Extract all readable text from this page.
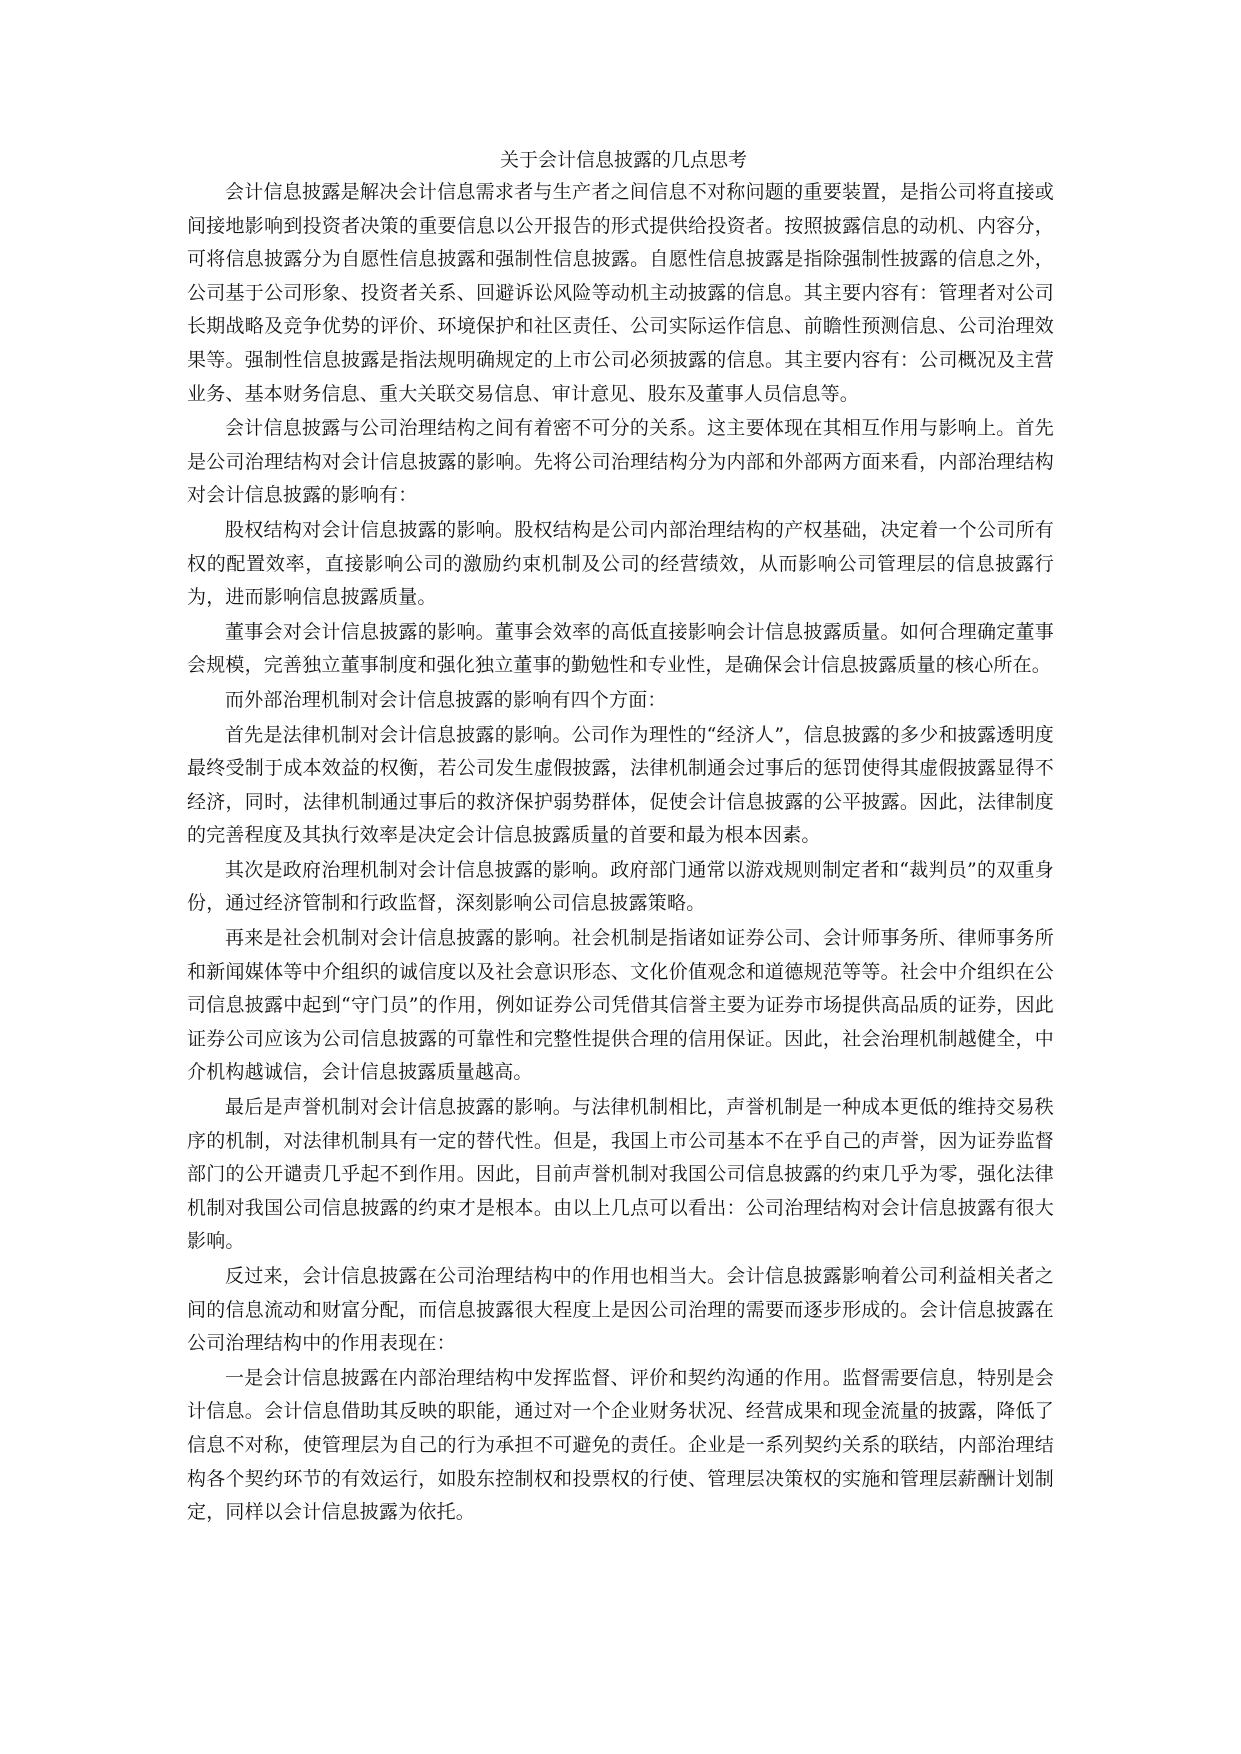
关于会计信息披露的几点思考

会计信息披露是解决会计信息需求者与生产者之间信息不对称问题的重要装置，是指公司将直接或间接地影响到投资者决策的重要信息以公开报告的形式提供给投资者。按照披露信息的动机、内容分，可将信息披露分为自愿性信息披露和强制性信息披露。自愿性信息披露是指除强制性披露的信息之外，公司基于公司形象、投资者关系、回避诉讼风险等动机主动披露的信息。其主要内容有：管理者对公司长期战略及竞争优势的评价、环境保护和社区责任、公司实际运作信息、前瞻性预测信息、公司治理效果等。强制性信息披露是指法规明确规定的上市公司必须披露的信息。其主要内容有：公司概况及主营业务、基本财务信息、重大关联交易信息、审计意见、股东及董事人员信息等。

会计信息披露与公司治理结构之间有着密不可分的关系。这主要体现在其相互作用与影响上。首先是公司治理结构对会计信息披露的影响。先将公司治理结构分为内部和外部两方面来看，内部治理结构对会计信息披露的影响有：

股权结构对会计信息披露的影响。股权结构是公司内部治理结构的产权基础，决定着一个公司所有权的配置效率，直接影响公司的激励约束机制及公司的经营绩效，从而影响公司管理层的信息披露行为，进而影响信息披露质量。

董事会对会计信息披露的影响。董事会效率的高低直接影响会计信息披露质量。如何合理确定董事会规模，完善独立董事制度和强化独立董事的勤勉性和专业性，是确保会计信息披露质量的核心所在。

而外部治理机制对会计信息披露的影响有四个方面：

首先是法律机制对会计信息披露的影响。公司作为理性的“经济人”，信息披露的多少和披露透明度最终受制于成本效益的权衡，若公司发生虚假披露，法律机制通会过事后的惩罚使得其虚假披露显得不经济，同时，法律机制通过事后的救济保护弱势群体，促使会计信息披露的公平披露。因此，法律制度的完善程度及其执行效率是决定会计信息披露质量的首要和最为根本因素。

其次是政府治理机制对会计信息披露的影响。政府部门通常以游戏规则制定者和“裁判员”的双重身份，通过经济管制和行政监督，深刻影响公司信息披露策略。

再来是社会机制对会计信息披露的影响。社会机制是指诸如证券公司、会计师事务所、律师事务所和新闻媒体等中介组织的诚信度以及社会意识形态、文化价值观念和道德规范等等。社会中介组织在公司信息披露中起到“守门员”的作用，例如证券公司凭借其信誉主要为证券市场提供高品质的证券，因此证券公司应该为公司信息披露的可靠性和完整性提供合理的信用保证。因此，社会治理机制越健全，中介机构越诚信，会计信息披露质量越高。

最后是声誉机制对会计信息披露的影响。与法律机制相比，声誉机制是一种成本更低的维持交易秩序的机制，对法律机制具有一定的替代性。但是，我国上市公司基本不在乎自己的声誉，因为证券监督部门的公开谴责几乎起不到作用。因此，目前声誉机制对我国公司信息披露的约束几乎为零，强化法律机制对我国公司信息披露的约束才是根本。由以上几点可以看出：公司治理结构对会计信息披露有很大影响。

反过来，会计信息披露在公司治理结构中的作用也相当大。会计信息披露影响着公司利益相关者之间的信息流动和财富分配，而信息披露很大程度上是因公司治理的需要而逐步形成的。会计信息披露在公司治理结构中的作用表现在：

一是会计信息披露在内部治理结构中发挥监督、评价和契约沟通的作用。监督需要信息，特别是会计信息。会计信息借助其反映的职能，通过对一个企业财务状况、经营成果和现金流量的披露，降低了信息不对称，使管理层为自己的行为承担不可避免的责任。企业是一系列契约关系的联结，内部治理结构各个契约环节的有效运行，如股东控制权和投票权的行使、管理层决策权的实施和管理层薪酬计划制定，同样以会计信息披露为依托。
